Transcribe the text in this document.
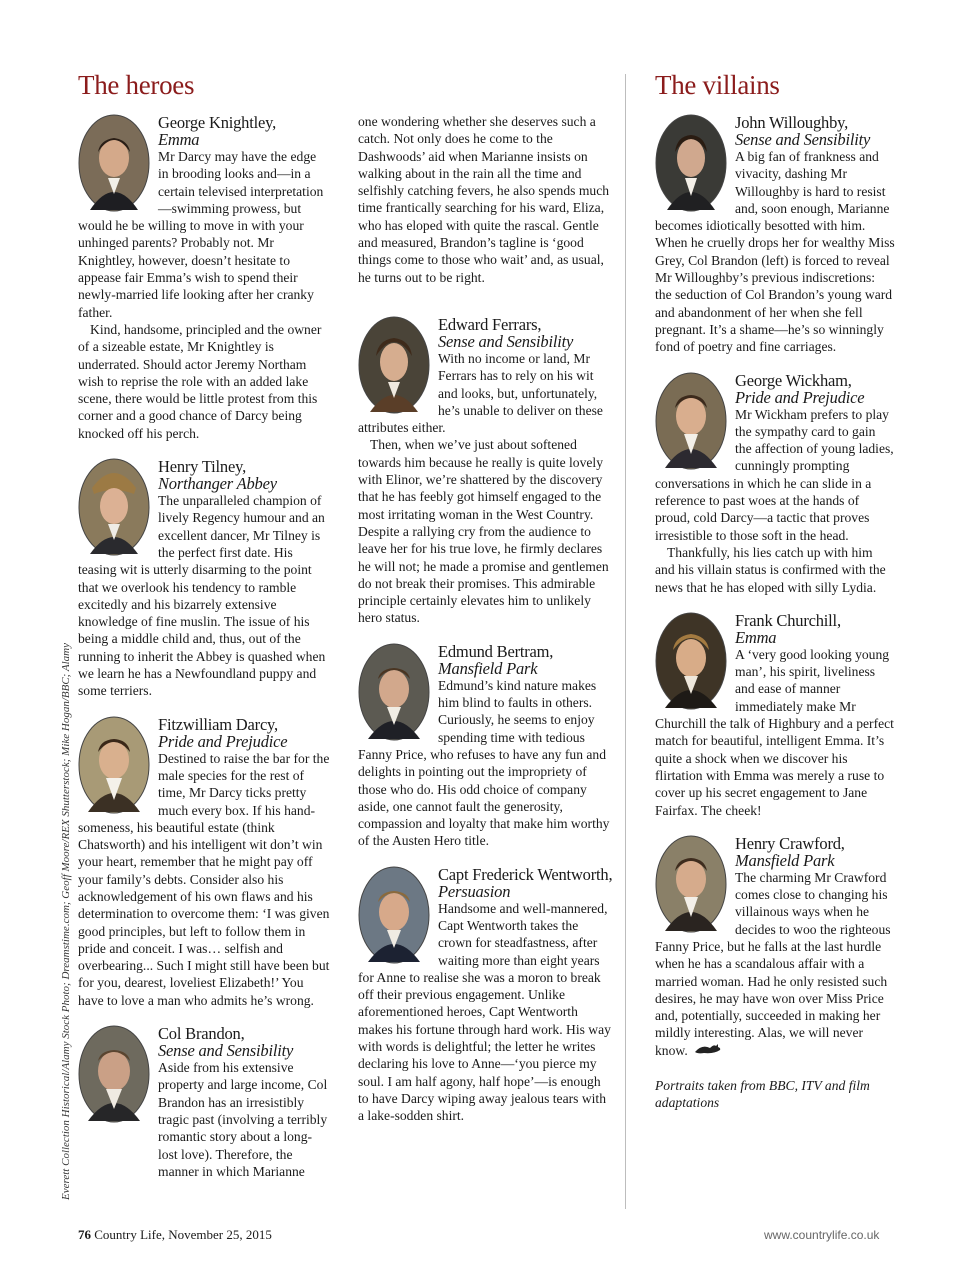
The heroes	The villains
George Knightley,
Emma

Mr Darcy may have the edge in brooding looks and—in a certain televised interpretation—swimming prowess, but would he be willing to move in with your unhinged parents? Probably not. Mr Knightley, however, doesn’t hesitate to appease fair Emma’s wish to spend their newly-married life looking after her cranky father.

Kind, handsome, principled and the owner of a sizeable estate, Mr Knightley is underrated. Should actor Jeremy Northam wish to reprise the role with an added lake scene, there would be little protest from this corner and a good chance of Darcy being knocked off his perch.

Henry Tilney,
Northanger Abbey

The unparalleled champion of lively Regency humour and an excellent dancer, Mr Tilney is the perfect first date. His teasing wit is utterly disarming to the point that we overlook his tendency to ramble excitedly and his bizarrely extensive knowledge of fine muslin. The issue of his being a middle child and, thus, out of the running to inherit the Abbey is quashed when we learn he has a Newfoundland puppy and some terriers.

Fitzwilliam Darcy,
Pride and Prejudice

Destined to raise the bar for the male species for the rest of time, Mr Darcy ticks pretty much every box. If his handsomeness, his beautiful estate (think Chatsworth) and his intelligent wit don’t win your heart, remember that he might pay off your family’s debts. Consider also his acknowledgement of his own flaws and his determination to overcome them: ‘I was given good principles, but left to follow them in pride and conceit. I was… selfish and overbearing... Such I might still have been but for you, dearest, loveliest Elizabeth!’ You have to love a man who admits he’s wrong.

Col Brandon,
Sense and Sensibility

Aside from his extensive property and large income, Col Brandon has an irresistibly tragic past (involving a terribly romantic story about a long-lost love). Therefore, the manner in which Marianne

one wondering whether she deserves such a catch. Not only does he come to the Dashwoods’ aid when Marianne insists on walking about in the rain all the time and selfishly catching fevers, he also spends much time frantically searching for his ward, Eliza, who has eloped with quite the rascal. Gentle and measured, Brandon’s tagline is ‘good things come to those who wait’ and, as usual, he turns out to be right.

Edward Ferrars,
Sense and Sensibility

With no income or land, Mr Ferrars has to rely on his wit and looks, but, unfortunately, he’s unable to deliver on these attributes either.

Then, when we’ve just about softened towards him because he really is quite lovely with Elinor, we’re shattered by the discovery that he has feebly got himself engaged to the most irritating woman in the West Country. Despite a rallying cry from the audience to leave her for his true love, he firmly declares he will not; he made a promise and gentlemen do not break their promises. This admirable principle certainly elevates him to unlikely hero status.

Edmund Bertram,
Mansfield Park

Edmund’s kind nature makes him blind to faults in others. Curiously, he seems to enjoy spending time with tedious Fanny Price, who refuses to have any fun and delights in pointing out the impropriety of those who do. His odd choice of company aside, one cannot fault the generosity, compassion and loyalty that make him worthy of the Austen Hero title.

Capt Frederick Wentworth,
Persuasion

Handsome and well-mannered, Capt Wentworth takes the crown for steadfastness, after waiting more than eight years for Anne to realise she was a moron to break off their previous engagement. Unlike aforementioned heroes, Capt Wentworth makes his fortune through hard work. His way with words is delightful; the letter he writes declaring his love to Anne—‘you pierce my soul. I am half agony, half hope’—is enough to have Darcy wiping away jealous tears with a lake-sodden shirt.

John Willoughby,
Sense and Sensibility

A big fan of frankness and vivacity, dashing Mr Willoughby is hard to resist and, soon enough, Marianne becomes idiotically besotted with him. When he cruelly drops her for wealthy Miss Grey, Col Brandon (left) is forced to reveal Mr Willoughby’s previous indiscretions: the seduction of Col Brandon’s young ward and abandonment of her when she fell pregnant. It’s a shame—he’s so winningly fond of poetry and fine carriages.

George Wickham,
Pride and Prejudice

Mr Wickham prefers to play the sympathy card to gain the affection of young ladies, cunningly prompting conversations in which he can slide in a reference to past woes at the hands of proud, cold Darcy—a tactic that proves irresistible to those soft in the head.

Thankfully, his lies catch up with him and his villain status is confirmed with the news that he has eloped with silly Lydia.

Frank Churchill,
Emma

A ‘very good looking young man’, his spirit, liveliness and ease of manner immediately make Mr Churchill the talk of Highbury and a perfect match for beautiful, intelligent Emma. It’s quite a shock when we discover his flirtation with Emma was merely a ruse to cover up his secret engagement to Jane Fairfax. The cheek!

Henry Crawford,
Mansfield Park

The charming Mr Crawford comes close to changing his villainous ways when he decides to woo the righteous Fanny Price, but he falls at the last hurdle when he has a scandalous affair with a married woman. Had he only resisted such desires, he may have won over Miss Price and, potentially, succeeded in making her mildly interesting. Alas, we will never know.

Portraits taken from BBC, ITV and film adaptations

Everett Collection Historical/Alamy Stock Photo; Dreamstime.com; Geoff Moore/REX Shutterstock; Mike Hogan/BBC; Alamy
76 Country Life, November 25, 2015	www.countrylife.co.uk
